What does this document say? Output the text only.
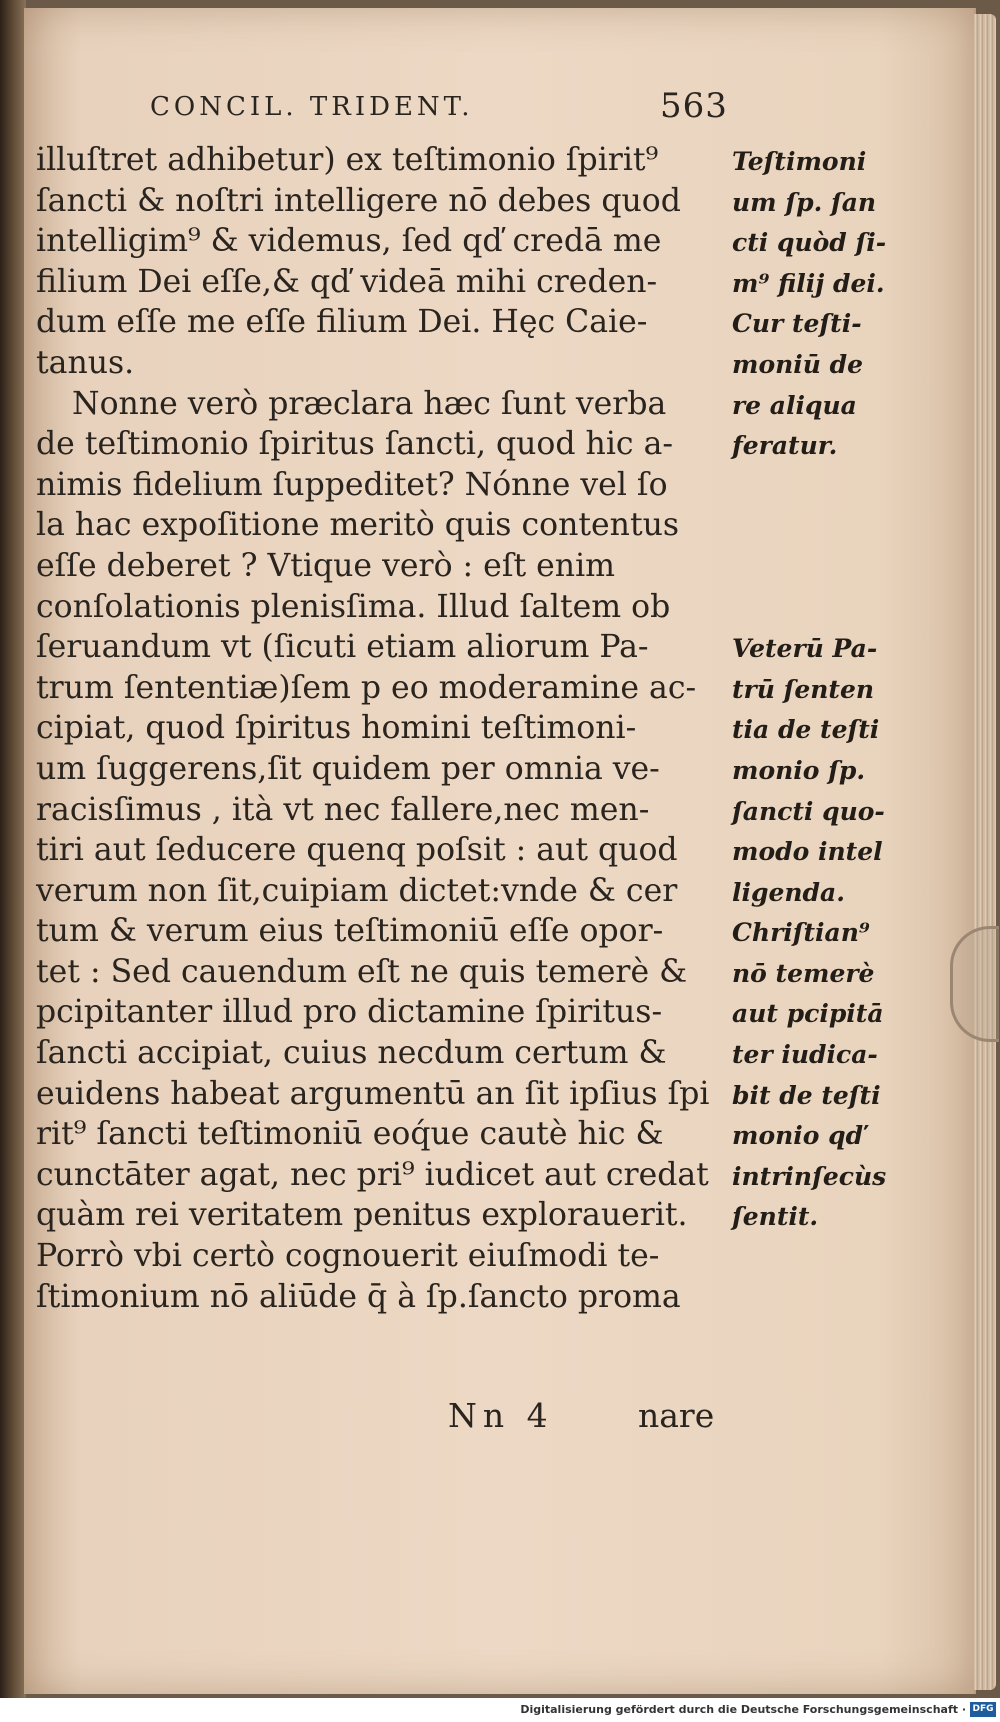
CONCIL. TRIDENT.	563
illuſtret adhibetur) ex teſtimonio ſpirit⁹
ſancti & noſtri intelligere nō debes quod
intelligim⁹ & videmus, ſed qď credā me
filium Dei eſſe,& qď videā mihi creden-
dum eſſe me eſſe filium Dei. Hęc Caie-
tanus.
Nonne verò præclara hæc ſunt verba
de teſtimonio ſpiritus ſancti, quod hic a-
nimis fidelium ſuppeditet? Nónne vel ſo
la hac expoſitione meritò quis contentus
eſſe deberet ? Vtique verò : eſt enim
conſolationis plenisſima. Illud ſaltem ob
ſeruandum vt (ſicuti etiam aliorum Pa-
trum ſententiæ)ſem p eo moderamine ac-
cipiat, quod ſpiritus homini teſtimoni-
um ſuggerens,ſit quidem per omnia ve-
racisſimus , ità vt nec fallere,nec men-
tiri aut ſeducere quenq poſsit : aut quod
verum non ſit,cuipiam dictet:vnde & cer
tum & verum eius teſtimoniū eſſe opor-
tet : Sed cauendum eſt ne quis temerè &
pcipitanter illud pro dictamine ſpiritus-
ſancti accipiat, cuius necdum certum &
euidens habeat argumentū an ſit ipſius ſpi
rit⁹ ſancti teſtimoniū eoq́ue cautè hic &
cunctāter agat, nec pri⁹ iudicet aut credat
quàm rei veritatem penitus explorauerit.
Porrò vbi certò cognouerit eiuſmodi te-
ſtimonium nō aliūde q̄ à ſp.ſancto proma
Teſtimoni
um ſp. ſan
cti quòd ſi-
m⁹ filij dei.
Cur teſti-
moniū de
re aliqua
feratur.

Veterū Pa-
trū ſenten
tia de teſti
monio ſp.
ſancti quo-
modo intel
ligenda.
Chriſtian⁹
nō temerè
aut pcipitā
ter iudica-
bit de teſti
monio qď
intrinſecùs
ſentit.
Nn 4	nare
Digitalisierung gefördert durch die Deutsche Forschungsgemeinschaft · DFG
